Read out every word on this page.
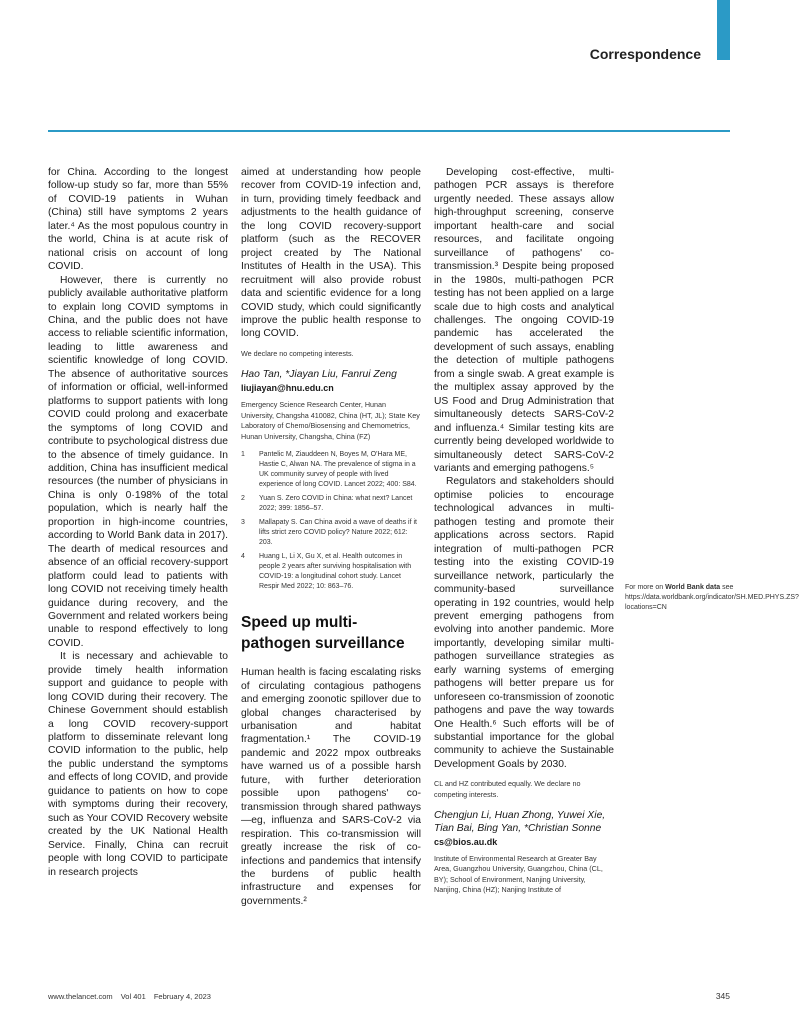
Correspondence

for China. According to the longest follow-up study so far, more than 55% of COVID-19 patients in Wuhan (China) still have symptoms 2 years later.⁴ As the most populous country in the world, China is at acute risk of national crisis on account of long COVID.

However, there is currently no publicly available authoritative platform to explain long COVID symptoms in China, and the public does not have access to reliable scientific information, leading to little awareness and scientific knowledge of long COVID. The absence of authoritative sources of information or official, well-informed platforms to support patients with long COVID could prolong and exacerbate the symptoms of long COVID and contribute to psychological distress due to the absence of timely guidance. In addition, China has insufficient medical resources (the number of physicians in China is only 0·198% of the total population, which is nearly half the proportion in high-income countries, according to World Bank data in 2017). The dearth of medical resources and absence of an official recovery-support platform could lead to patients with long COVID not receiving timely health guidance during recovery, and the Government and related workers being unable to respond effectively to long COVID.

It is necessary and achievable to provide timely health information support and guidance to people with long COVID during their recovery. The Chinese Government should establish a long COVID recovery-support platform to disseminate relevant long COVID information to the public, help the public understand the symptoms and effects of long COVID, and provide guidance to patients on how to cope with symptoms during their recovery, such as Your COVID Recovery website created by the UK National Health Service. Finally, China can recruit people with long COVID to participate in research projects

aimed at understanding how people recover from COVID-19 infection and, in turn, providing timely feedback and adjustments to the health guidance of the long COVID recovery-support platform (such as the RECOVER project created by The National Institutes of Health in the USA). This recruitment will also provide robust data and scientific evidence for a long COVID study, which could significantly improve the public health response to long COVID.

We declare no competing interests.

Hao Tan, *Jiayan Liu, Fanrui Zeng

liujiayan@hnu.edu.cn

Emergency Science Research Center, Hunan University, Changsha 410082, China (HT, JL); State Key Laboratory of Chemo/Biosensing and Chemometrics, Hunan University, Changsha, China (FZ)

1 Pantelic M, Ziauddeen N, Boyes M, O'Hara ME, Hastie C, Alwan NA. The prevalence of stigma in a UK community survey of people with lived experience of long COVID. Lancet 2022; 400: S84.
2 Yuan S. Zero COVID in China: what next? Lancet 2022; 399: 1856–57.
3 Mallapaty S. Can China avoid a wave of deaths if it lifts strict zero COVID policy? Nature 2022; 612: 203.
4 Huang L, Li X, Gu X, et al. Health outcomes in people 2 years after surviving hospitalisation with COVID-19: a longitudinal cohort study. Lancet Respir Med 2022; 10: 863–76.
Speed up multi-pathogen surveillance

Human health is facing escalating risks of circulating contagious pathogens and emerging zoonotic spillover due to global changes characterised by urbanisation and habitat fragmentation.¹ The COVID-19 pandemic and 2022 mpox outbreaks have warned us of a possible harsh future, with further deterioration possible upon pathogens' co-transmission through shared pathways—eg, influenza and SARS-CoV-2 via respiration. This co-transmission will greatly increase the risk of co-infections and pandemics that intensify the burdens of public health infrastructure and expenses for governments.²

Developing cost-effective, multi-pathogen PCR assays is therefore urgently needed. These assays allow high-throughput screening, conserve important health-care and social resources, and facilitate ongoing surveillance of pathogens' co-transmission.³ Despite being proposed in the 1980s, multi-pathogen PCR testing has not been applied on a large scale due to high costs and analytical challenges. The ongoing COVID-19 pandemic has accelerated the development of such assays, enabling the detection of multiple pathogens from a single swab. A great example is the multiplex assay approved by the US Food and Drug Administration that simultaneously detects SARS-CoV-2 and influenza.⁴ Similar testing kits are currently being developed worldwide to simultaneously detect SARS-CoV-2 variants and emerging pathogens.⁵

Regulators and stakeholders should optimise policies to encourage technological advances in multi-pathogen testing and promote their applications across sectors. Rapid integration of multi-pathogen PCR testing into the existing COVID-19 surveillance network, particularly the community-based surveillance operating in 192 countries, would help prevent emerging pathogens from evolving into another pandemic. More importantly, developing similar multi-pathogen surveillance strategies as early warning systems of emerging pathogens will better prepare us for unforeseen co-transmission of zoonotic pathogens and pave the way towards One Health.⁶ Such efforts will be of substantial importance for the global community to achieve the Sustainable Development Goals by 2030.

CL and HZ contributed equally. We declare no competing interests.

Chengjun Li, Huan Zhong, Yuwei Xie, Tian Bai, Bing Yan, *Christian Sonne

cs@bios.au.dk

Institute of Environmental Research at Greater Bay Area, Guangzhou University, Guangzhou, China (CL, BY); School of Environment, Nanjing University, Nanjing, China (HZ); Nanjing Institute of

For more on World Bank data see https://data.worldbank.org/indicator/SH.MED.PHYS.ZS?locations=CN
www.thelancet.com Vol 401 February 4, 2023	345
